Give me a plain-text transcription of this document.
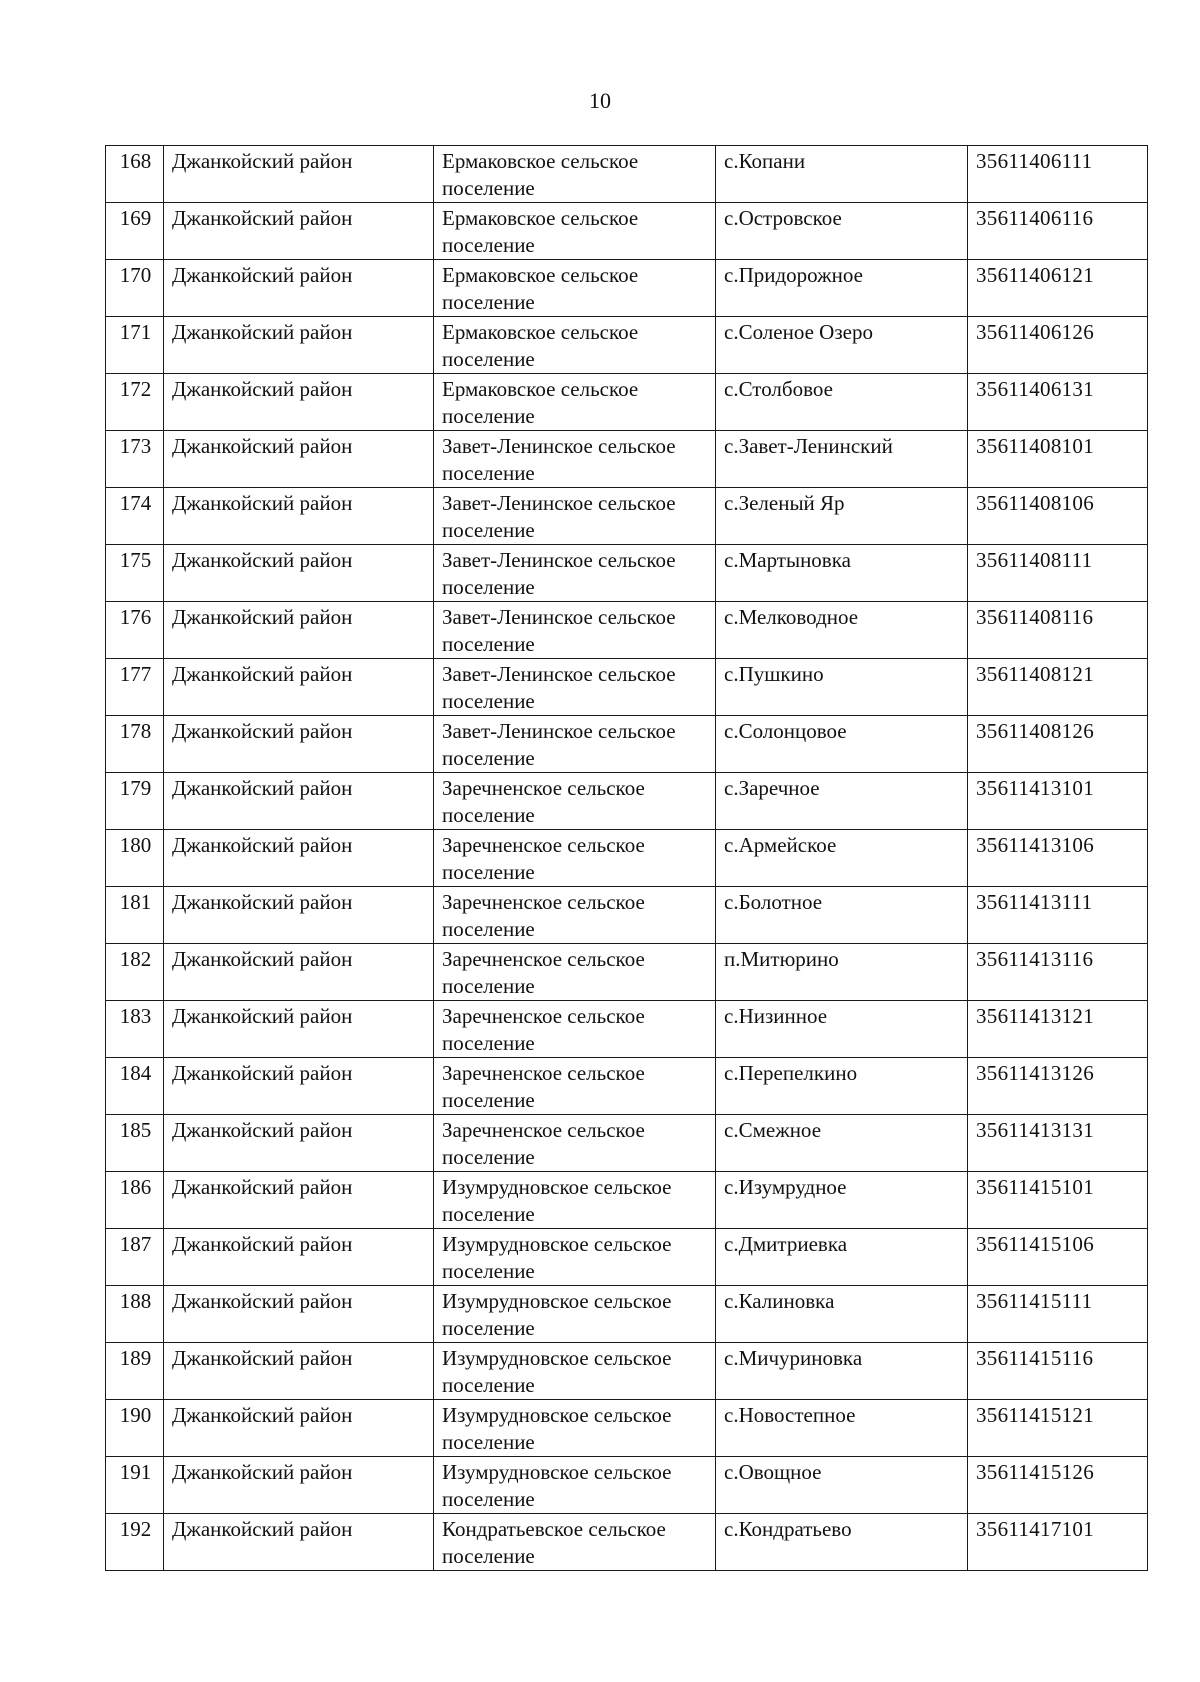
10
168	Джанкойский район	Ермаковское сельское поселение	с.Копани	35611406111
169	Джанкойский район	Ермаковское сельское поселение	с.Островское	35611406116
170	Джанкойский район	Ермаковское сельское поселение	с.Придорожное	35611406121
171	Джанкойский район	Ермаковское сельское поселение	с.Соленое Озеро	35611406126
172	Джанкойский район	Ермаковское сельское поселение	с.Столбовое	35611406131
173	Джанкойский район	Завет-Ленинское сельское поселение	с.Завет-Ленинский	35611408101
174	Джанкойский район	Завет-Ленинское сельское поселение	с.Зеленый Яр	35611408106
175	Джанкойский район	Завет-Ленинское сельское поселение	с.Мартыновка	35611408111
176	Джанкойский район	Завет-Ленинское сельское поселение	с.Мелководное	35611408116
177	Джанкойский район	Завет-Ленинское сельское поселение	с.Пушкино	35611408121
178	Джанкойский район	Завет-Ленинское сельское поселение	с.Солонцовое	35611408126
179	Джанкойский район	Заречненское сельское поселение	с.Заречное	35611413101
180	Джанкойский район	Заречненское сельское поселение	с.Армейское	35611413106
181	Джанкойский район	Заречненское сельское поселение	с.Болотное	35611413111
182	Джанкойский район	Заречненское сельское поселение	п.Митюрино	35611413116
183	Джанкойский район	Заречненское сельское поселение	с.Низинное	35611413121
184	Джанкойский район	Заречненское сельское поселение	с.Перепелкино	35611413126
185	Джанкойский район	Заречненское сельское поселение	с.Смежное	35611413131
186	Джанкойский район	Изумрудновское сельское поселение	с.Изумрудное	35611415101
187	Джанкойский район	Изумрудновское сельское поселение	с.Дмитриевка	35611415106
188	Джанкойский район	Изумрудновское сельское поселение	с.Калиновка	35611415111
189	Джанкойский район	Изумрудновское сельское поселение	с.Мичуриновка	35611415116
190	Джанкойский район	Изумрудновское сельское поселение	с.Новостепное	35611415121
191	Джанкойский район	Изумрудновское сельское поселение	с.Овощное	35611415126
192	Джанкойский район	Кондратьевское сельское поселение	с.Кондратьево	35611417101
